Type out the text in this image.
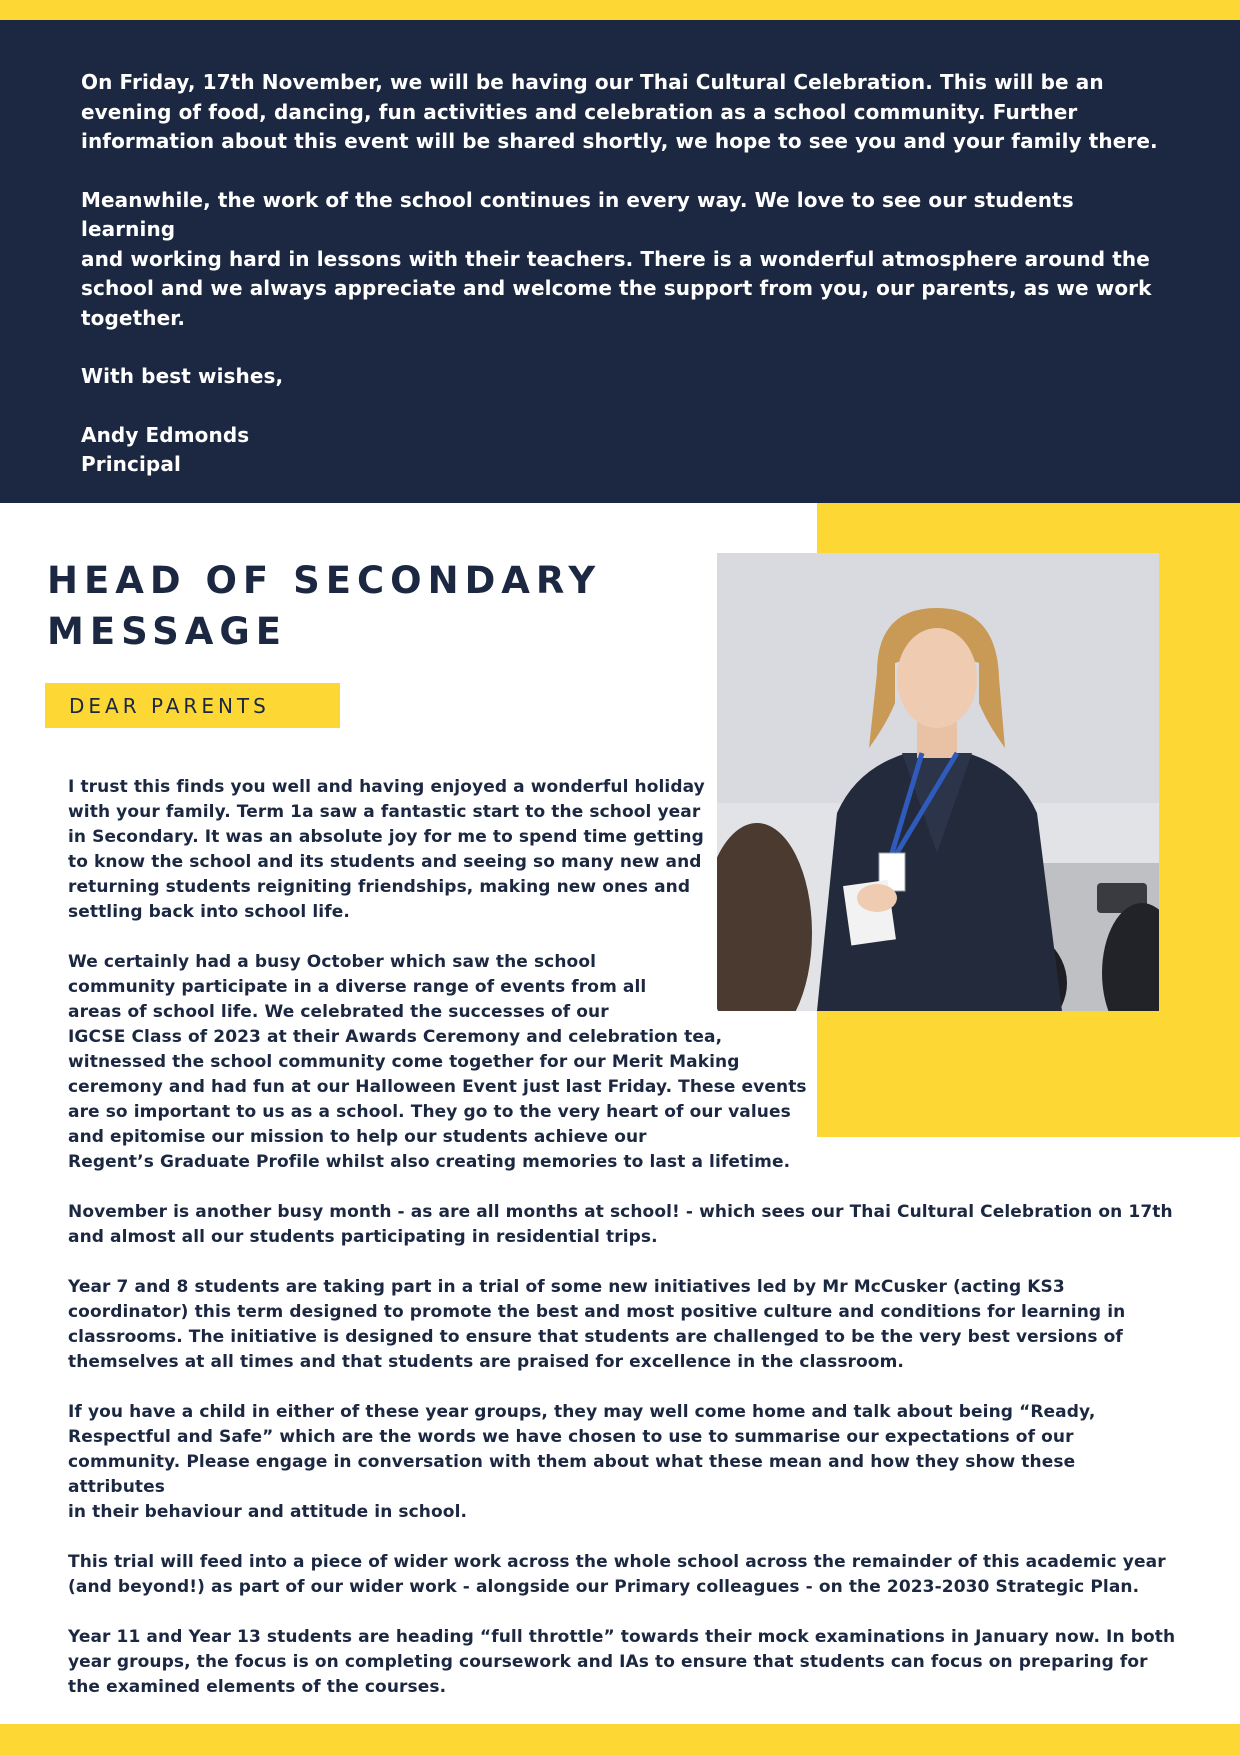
On Friday, 17th November, we will be having our Thai Cultural Celebration. This will be an
evening of food, dancing, fun activities and celebration as a school community. Further
information about this event will be shared shortly, we hope to see you and your family there.

Meanwhile, the work of the school continues in every way. We love to see our students learning
and working hard in lessons with their teachers. There is a wonderful atmosphere around the
school and we always appreciate and welcome the support from you, our parents, as we work
together.

With best wishes,

Andy Edmonds
Principal

HEAD OF SECONDARY
MESSAGE
DEAR PARENTS

I trust this finds you well and having enjoyed a wonderful holiday
with your family. Term 1a saw a fantastic start to the school year
in Secondary. It was an absolute joy for me to spend time getting
to know the school and its students and seeing so many new and
returning students reigniting friendships, making new ones and
settling back into school life.

We certainly had a busy October which saw the school
community participate in a diverse range of events from all
areas of school life. We celebrated the successes of our
IGCSE Class of 2023 at their Awards Ceremony and celebration tea,
witnessed the school community come together for our Merit Making
ceremony and had fun at our Halloween Event just last Friday. These events
are so important to us as a school. They go to the very heart of our values
and epitomise our mission to help our students achieve our
Regent’s Graduate Profile whilst also creating memories to last a lifetime.

November is another busy month - as are all months at school! - which sees our Thai Cultural Celebration on 17th
and almost all our students participating in residential trips.

Year 7 and 8 students are taking part in a trial of some new initiatives led by Mr McCusker (acting KS3
coordinator) this term designed to promote the best and most positive culture and conditions for learning in
classrooms. The initiative is designed to ensure that students are challenged to be the very best versions of
themselves at all times and that students are praised for excellence in the classroom.

If you have a child in either of these year groups, they may well come home and talk about being “Ready,
Respectful and Safe” which are the words we have chosen to use to summarise our expectations of our
community. Please engage in conversation with them about what these mean and how they show these attributes
in their behaviour and attitude in school.

This trial will feed into a piece of wider work across the whole school across the remainder of this academic year
(and beyond!) as part of our wider work - alongside our Primary colleagues - on the 2023-2030 Strategic Plan.

Year 11 and Year 13 students are heading “full throttle” towards their mock examinations in January now. In both
year groups, the focus is on completing coursework and IAs to ensure that students can focus on preparing for
the examined elements of the courses.
